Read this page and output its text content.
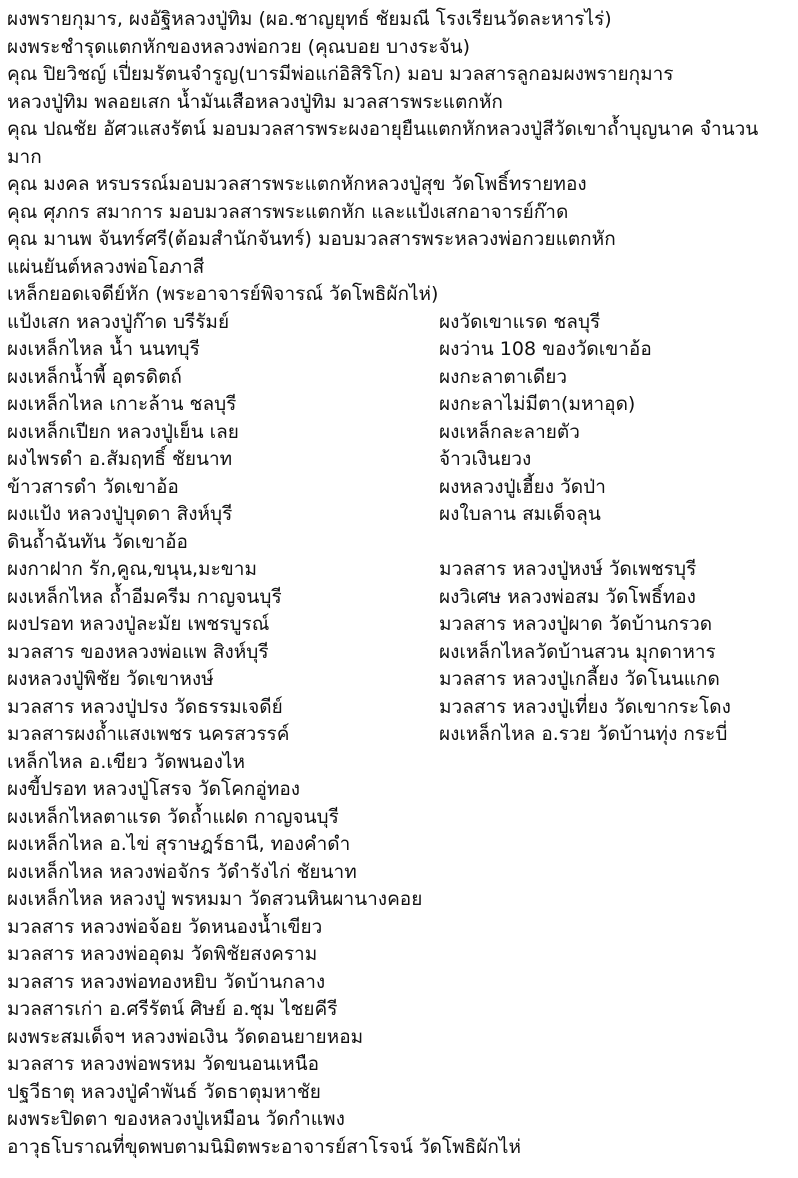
ผงพรายกุมาร, ผงอัฐิหลวงปู่ทิม (ผอ.ชาญยุทธ์ ชัยมณี โรงเรียนวัดละหารไร่)
ผงพระชำรุดแตกหักของหลวงพ่อกวย (คุณบอย บางระจัน)
คุณ ปิยวิชญ์ เปี่ยมรัตนจำรูญ(บารมีพ่อแก่อิสิริโก) มอบ มวลสารลูกอมผงพรายกุมาร
หลวงปู่ทิม พลอยเสก น้ำมันเสือหลวงปู่ทิม มวลสารพระแตกหัก
คุณ ปณชัย อัศวแสงรัตน์ มอบมวลสารพระผงอายุยืนแตกหักหลวงปู่สีวัดเขาถ้ำบุญนาค จำนวนมาก
คุณ มงคล หรบรรณ์มอบมวลสารพระแตกหักหลวงปู่สุข วัดโพธิ์ทรายทอง
คุณ ศุภกร สมาการ มอบมวลสารพระแตกหัก และแป้งเสกอาจารย์ก๊าด
คุณ มานพ จันทร์ศรี(ต้อมสำนักจันทร์) มอบมวลสารพระหลวงพ่อกวยแตกหัก
แผ่นยันต์หลวงพ่อโอภาสี
เหล็กยอดเจดีย์หัก (พระอาจารย์พิจารณ์ วัดโพธิผักไห่)
แป้งเสก หลวงปู่ก๊าด บรีรัมย์
ผงเหล็กไหล น้ำ นนทบุรี
ผงเหล็กน้ำพี้ อุตรดิตถ์
ผงเหล็กไหล เกาะล้าน ชลบุรี
ผงเหล็กเปียก หลวงปู่เย็น เลย
ผงไพรดำ อ.สัมฤทธิ์ ชัยนาท
ข้าวสารดำ วัดเขาอ้อ
ผงแป้ง หลวงปู่บุดดา สิงห์บุรี
ดินถ้ำฉันทัน วัดเขาอ้อ
ผงกาฝาก รัก,คูณ,ขนุน,มะขาม
ผงเหล็กไหล ถ้ำอีมครีม กาญจนบุรี
ผงปรอท หลวงปู่ละมัย เพชรบูรณ์
มวลสาร ของหลวงพ่อแพ สิงห์บุรี
ผงหลวงปู่พิชัย วัดเขาหงษ์
มวลสาร หลวงปู่ปรง วัดธรรมเจดีย์
มวลสารผงถ้ำแสงเพชร นครสวรรค์
ผงวัดเขาแรด ชลบุรี
ผงว่าน 108 ของวัดเขาอ้อ
ผงกะลาตาเดียว
ผงกะลาไม่มีตา(มหาอุด)
ผงเหล็กละลายตัว
จ้าวเงินยวง
ผงหลวงปู่เฮี้ยง วัดป่า
ผงใบลาน สมเด็จลุน
มวลสาร หลวงปู่หงษ์ วัดเพชรบุรี
ผงวิเศษ หลวงพ่อสม วัดโพธิ์ทอง
มวลสาร หลวงปู่ผาด วัดบ้านกรวด
ผงเหล็กไหลวัดบ้านสวน มุกดาหาร
มวลสาร หลวงปู่เกลี้ยง วัดโนนแกด
มวลสาร หลวงปู่เที่ยง วัดเขากระโดง
ผงเหล็กไหล อ.รวย วัดบ้านทุ่ง กระบี่
เหล็กไหล อ.เขียว วัดพนองไห
ผงขี้ปรอท หลวงปู่โสรจ วัดโคกอู่ทอง
ผงเหล็กไหลตาแรด วัดถ้ำแฝด กาญจนบุรี
ผงเหล็กไหล อ.ไข่ สุราษฎร์ธานี, ทองคำดำ
ผงเหล็กไหล หลวงพ่อจักร วัดำรังไก่ ชัยนาท
ผงเหล็กไหล หลวงปู่ พรหมมา วัดสวนหินผานางคอย
มวลสาร หลวงพ่อจ้อย วัดหนองน้ำเขียว
มวลสาร หลวงพ่ออุดม วัดพิชัยสงคราม
มวลสาร หลวงพ่อทองหยิบ วัดบ้านกลาง
มวลสารเก่า อ.ศรีรัตน์ ศิษย์ อ.ชุม ไชยคีรี
ผงพระสมเด็จฯ หลวงพ่อเงิน วัดดอนยายหอม
มวลสาร หลวงพ่อพรหม วัดขนอนเหนือ
ปฐวีธาตุ หลวงปู่คำพันธ์ วัดธาตุมหาชัย
ผงพระปิดตา ของหลวงปู่เหมือน วัดกำแพง
อาวุธโบราณที่ขุดพบตามนิมิตพระอาจารย์สาโรจน์ วัดโพธิผักไห่
